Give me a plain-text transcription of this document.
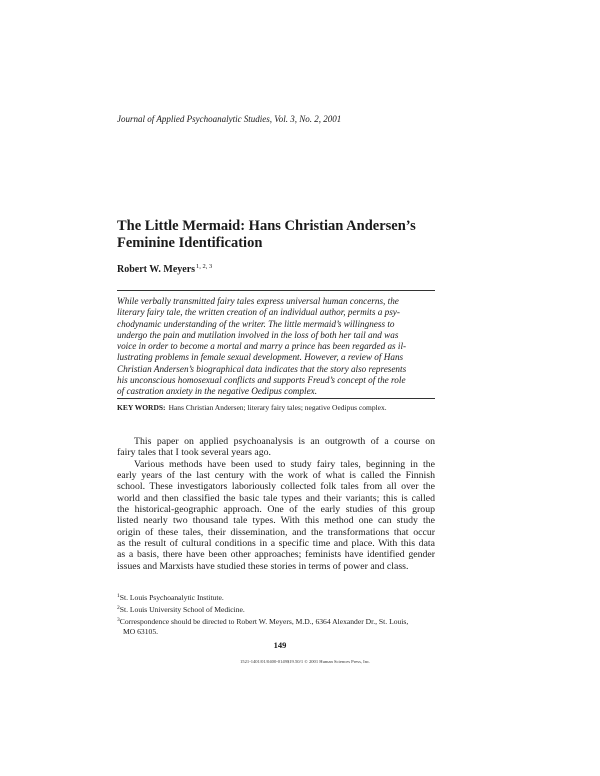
Journal of Applied Psychoanalytic Studies, Vol. 3, No. 2, 2001
The Little Mermaid: Hans Christian Andersen’s
Feminine Identification
Robert W. Meyers$^{1, 2, 3}$
While verbally transmitted fairy tales express universal human concerns, the
literary fairy tale, the written creation of an individual author, permits a psy-
chodynamic understanding of the writer. The little mermaid’s willingness to
undergo the pain and mutilation involved in the loss of both her tail and was
voice in order to become a mortal and marry a prince has been regarded as il-
lustrating problems in female sexual development. However, a review of Hans
Christian Andersen’s biographical data indicates that the story also represents
his unconscious homosexual conflicts and supports Freud’s concept of the role
of castration anxiety in the negative Oedipus complex.
KEY WORDS: Hans Christian Andersen; literary fairy tales; negative Oedipus complex.
This paper on applied psychoanalysis is an outgrowth of a course on
fairy tales that I took several years ago.
Various methods have been used to study fairy tales, beginning in the
early years of the last century with the work of what is called the Finnish
school. These investigators laboriously collected folk tales from all over the
world and then classified the basic tale types and their variants; this is called
the historical-geographic approach. One of the early studies of this group
listed nearly two thousand tale types. With this method one can study the
origin of these tales, their dissemination, and the transformations that occur
as the result of cultural conditions in a specific time and place. With this data
as a basis, there have been other approaches; feminists have identified gender
issues and Marxists have studied these stories in terms of power and class.
$^1$St. Louis Psychoanalytic Institute.
$^2$St. Louis University School of Medicine.
$^3$Correspondence should be directed to Robert W. Meyers, M.D., 6364 Alexander Dr., St. Louis,
MO 63105.
149
1521-1401/01/0400-0149$19.50/1 © 2001 Human Sciences Press, Inc.
